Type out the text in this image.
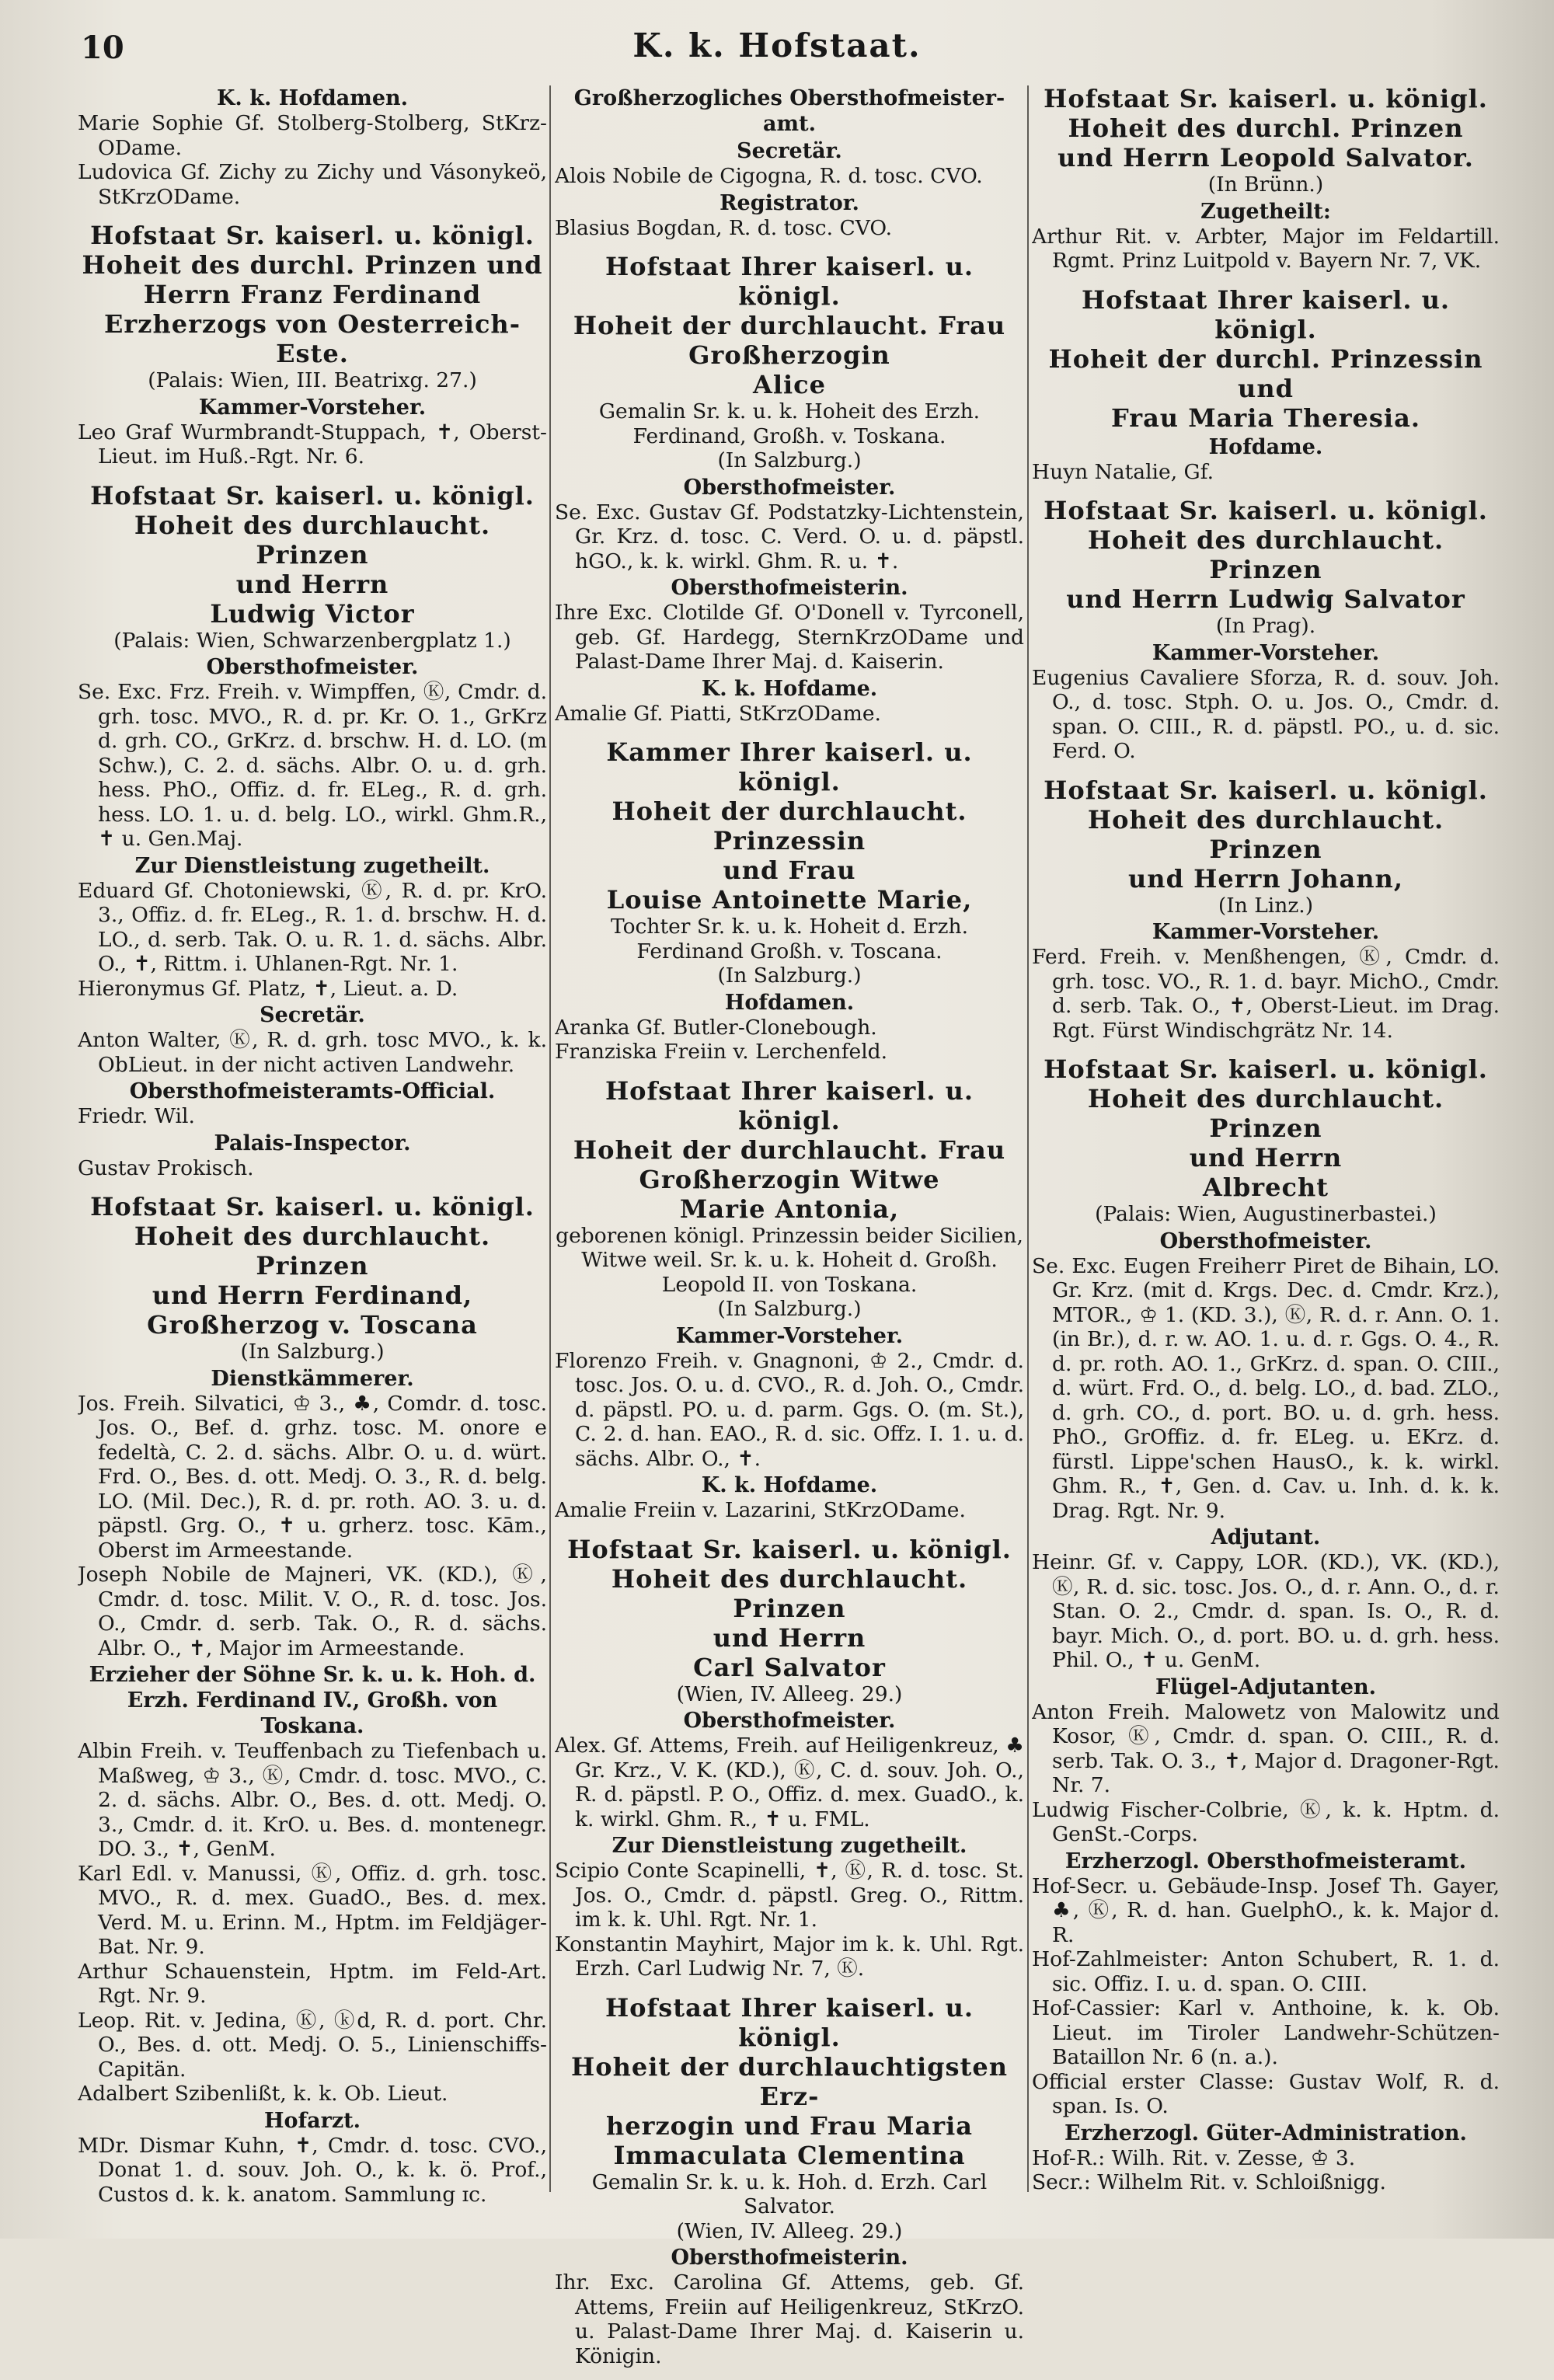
10	K. k. Hofstaat.
K. k. Hofdamen.
Marie Sophie Gf. Stolberg-Stolberg, StKrz-ODame.
Ludovica Gf. Zichy zu Zichy und Vásonykeö, StKrzODame.
Hofstaat Sr. kaiserl. u. königl.
Hoheit des durchl. Prinzen und
Herrn Franz Ferdinand
Erzherzogs von Oesterreich-Este.
(Palais: Wien, III. Beatrixg. 27.)
Kammer-Vorsteher.
Leo Graf Wurmbrandt-Stuppach, ✝, Oberst-Lieut. im Huß.-Rgt. Nr. 6.
Hofstaat Sr. kaiserl. u. königl.
Hoheit des durchlaucht. Prinzen
und Herrn
Ludwig Victor
(Palais: Wien, Schwarzenbergplatz 1.)
Obersthofmeister.
Se. Exc. Frz. Freih. v. Wimpffen, Ⓚ, Cmdr. d. grh. tosc. MVO., R. d. pr. Kr. O. 1., GrKrz d. grh. CO., GrKrz. d. brschw. H. d. LO. (m Schw.), C. 2. d. sächs. Albr. O. u. d. grh. hess. PhO., Offiz. d. fr. ELeg., R. d. grh. hess. LO. 1. u. d. belg. LO., wirkl. Ghm.R., ✝ u. Gen.Maj.
Zur Dienstleistung zugetheilt.
Eduard Gf. Chotoniewski, Ⓚ, R. d. pr. KrO. 3., Offiz. d. fr. ELeg., R. 1. d. brschw. H. d. LO., d. serb. Tak. O. u. R. 1. d. sächs. Albr. O., ✝, Rittm. i. Uhlanen-Rgt. Nr. 1.
Hieronymus Gf. Platz, ✝, Lieut. a. D.
Secretär.
Anton Walter, Ⓚ, R. d. grh. tosc MVO., k. k. ObLieut. in der nicht activen Landwehr.
Obersthofmeisteramts-Official.
Friedr. Wil.
Palais-Inspector.
Gustav Prokisch.
Hofstaat Sr. kaiserl. u. königl.
Hoheit des durchlaucht. Prinzen
und Herrn Ferdinand,
Großherzog v. Toscana
(In Salzburg.)
Dienstkämmerer.
Jos. Freih. Silvatici, ♔ 3., ♣, Comdr. d. tosc. Jos. O., Bef. d. grhz. tosc. M. onore e fedeltà, C. 2. d. sächs. Albr. O. u. d. würt. Frd. O., Bes. d. ott. Medj. O. 3., R. d. belg. LO. (Mil. Dec.), R. d. pr. roth. AO. 3. u. d. päpstl. Grg. O., ✝ u. grherz. tosc. Kām., Oberst im Armeestande.
Joseph Nobile de Majneri, VK. (KD.), Ⓚ, Cmdr. d. tosc. Milit. V. O., R. d. tosc. Jos. O., Cmdr. d. serb. Tak. O., R. d. sächs. Albr. O., ✝, Major im Armeestande.
Erzieher der Söhne Sr. k. u. k. Hoh. d. Erzh. Ferdinand IV., Großh. von Toskana.
Albin Freih. v. Teuffenbach zu Tiefenbach u. Maßweg, ♔ 3., Ⓚ, Cmdr. d. tosc. MVO., C. 2. d. sächs. Albr. O., Bes. d. ott. Medj. O. 3., Cmdr. d. it. KrO. u. Bes. d. montenegr. DO. 3., ✝, GenM.
Karl Edl. v. Manussi, Ⓚ, Offiz. d. grh. tosc. MVO., R. d. mex. GuadO., Bes. d. mex. Verd. M. u. Erinn. M., Hptm. im Feldjäger-Bat. Nr. 9.
Arthur Schauenstein, Hptm. im Feld-Art. Rgt. Nr. 9.
Leop. Rit. v. Jedina, Ⓚ, ⓚd, R. d. port. Chr. O., Bes. d. ott. Medj. O. 5., Linienschiffs-Capitän.
Adalbert Szibenlißt, k. k. Ob. Lieut.
Hofarzt.
MDr. Dismar Kuhn, ✝, Cmdr. d. tosc. CVO., Donat 1. d. souv. Joh. O., k. k. ö. Prof., Custos d. k. k. anatom. Sammlung ɪc.
Großherzogliches Obersthofmeister-amt.
Secretär.
Alois Nobile de Cigogna, R. d. tosc. CVO.
Registrator.
Blasius Bogdan, R. d. tosc. CVO.
Hofstaat Ihrer kaiserl. u. königl.
Hoheit der durchlaucht. Frau
Großherzogin
Alice
Gemalin Sr. k. u. k. Hoheit des Erzh. Ferdinand, Großh. v. Toskana.
(In Salzburg.)
Obersthofmeister.
Se. Exc. Gustav Gf. Podstatzky-Lichtenstein, Gr. Krz. d. tosc. C. Verd. O. u. d. päpstl. hGO., k. k. wirkl. Ghm. R. u. ✝.
Obersthofmeisterin.
Ihre Exc. Clotilde Gf. O'Donell v. Tyrconell, geb. Gf. Hardegg, SternKrzODame und Palast-Dame Ihrer Maj. d. Kaiserin.
K. k. Hofdame.
Amalie Gf. Piatti, StKrzODame.
Kammer Ihrer kaiserl. u. königl.
Hoheit der durchlaucht. Prinzessin
und Frau
Louise Antoinette Marie,
Tochter Sr. k. u. k. Hoheit d. Erzh. Ferdinand Großh. v. Toscana.
(In Salzburg.)
Hofdamen.
Aranka Gf. Butler-Clonebough.
Franziska Freiin v. Lerchenfeld.
Hofstaat Ihrer kaiserl. u. königl.
Hoheit der durchlaucht. Frau
Großherzogin Witwe
Marie Antonia,
geborenen königl. Prinzessin beider Sicilien, Witwe weil. Sr. k. u. k. Hoheit d. Großh. Leopold II. von Toskana.
(In Salzburg.)
Kammer-Vorsteher.
Florenzo Freih. v. Gnagnoni, ♔ 2., Cmdr. d. tosc. Jos. O. u. d. CVO., R. d. Joh. O., Cmdr. d. päpstl. PO. u. d. parm. Ggs. O. (m. St.), C. 2. d. han. EAO., R. d. sic. Offz. I. 1. u. d. sächs. Albr. O., ✝.
K. k. Hofdame.
Amalie Freiin v. Lazarini, StKrzODame.
Hofstaat Sr. kaiserl. u. königl.
Hoheit des durchlaucht. Prinzen
und Herrn
Carl Salvator
(Wien, IV. Alleeg. 29.)
Obersthofmeister.
Alex. Gf. Attems, Freih. auf Heiligenkreuz, ♣ Gr. Krz., V. K. (KD.), Ⓚ, C. d. souv. Joh. O., R. d. päpstl. P. O., Offiz. d. mex. GuadO., k. k. wirkl. Ghm. R., ✝ u. FML.
Zur Dienstleistung zugetheilt.
Scipio Conte Scapinelli, ✝, Ⓚ, R. d. tosc. St. Jos. O., Cmdr. d. päpstl. Greg. O., Rittm. im k. k. Uhl. Rgt. Nr. 1.
Konstantin Mayhirt, Major im k. k. Uhl. Rgt. Erzh. Carl Ludwig Nr. 7, Ⓚ.
Hofstaat Ihrer kaiserl. u. königl.
Hoheit der durchlauchtigsten Erz-
herzogin und Frau Maria
Immaculata Clementina
Gemalin Sr. k. u. k. Hoh. d. Erzh. Carl Salvator.
(Wien, IV. Alleeg. 29.)
Obersthofmeisterin.
Ihr. Exc. Carolina Gf. Attems, geb. Gf. Attems, Freiin auf Heiligenkreuz, StKrzO. u. Palast-Dame Ihrer Maj. d. Kaiserin u. Königin.
Hofstaat Sr. kaiserl. u. königl.
Hoheit des durchl. Prinzen
und Herrn Leopold Salvator.
(In Brünn.)
Zugetheilt:
Arthur Rit. v. Arbter, Major im Feldartill. Rgmt. Prinz Luitpold v. Bayern Nr. 7, VK.
Hofstaat Ihrer kaiserl. u. königl.
Hoheit der durchl. Prinzessin und
Frau Maria Theresia.
Hofdame.
Huyn Natalie, Gf.
Hofstaat Sr. kaiserl. u. königl.
Hoheit des durchlaucht. Prinzen
und Herrn Ludwig Salvator
(In Prag).
Kammer-Vorsteher.
Eugenius Cavaliere Sforza, R. d. souv. Joh. O., d. tosc. Stph. O. u. Jos. O., Cmdr. d. span. O. CIII., R. d. päpstl. PO., u. d. sic. Ferd. O.
Hofstaat Sr. kaiserl. u. königl.
Hoheit des durchlaucht. Prinzen
und Herrn Johann,
(In Linz.)
Kammer-Vorsteher.
Ferd. Freih. v. Menßhengen, Ⓚ, Cmdr. d. grh. tosc. VO., R. 1. d. bayr. MichO., Cmdr. d. serb. Tak. O., ✝, Oberst-Lieut. im Drag. Rgt. Fürst Windischgrätz Nr. 14.
Hofstaat Sr. kaiserl. u. königl.
Hoheit des durchlaucht. Prinzen
und Herrn
Albrecht
(Palais: Wien, Augustinerbastei.)
Obersthofmeister.
Se. Exc. Eugen Freiherr Piret de Bihain, LO. Gr. Krz. (mit d. Krgs. Dec. d. Cmdr. Krz.), MTOR., ♔ 1. (KD. 3.), Ⓚ, R. d. r. Ann. O. 1. (in Br.), d. r. w. AO. 1. u. d. r. Ggs. O. 4., R. d. pr. roth. AO. 1., GrKrz. d. span. O. CIII., d. würt. Frd. O., d. belg. LO., d. bad. ZLO., d. grh. CO., d. port. BO. u. d. grh. hess. PhO., GrOffiz. d. fr. ELeg. u. EKrz. d. fürstl. Lippe'schen HausO., k. k. wirkl. Ghm. R., ✝, Gen. d. Cav. u. Inh. d. k. k. Drag. Rgt. Nr. 9.
Adjutant.
Heinr. Gf. v. Cappy, LOR. (KD.), VK. (KD.), Ⓚ, R. d. sic. tosc. Jos. O., d. r. Ann. O., d. r. Stan. O. 2., Cmdr. d. span. Is. O., R. d. bayr. Mich. O., d. port. BO. u. d. grh. hess. Phil. O., ✝ u. GenM.
Flügel-Adjutanten.
Anton Freih. Malowetz von Malowitz und Kosor, Ⓚ, Cmdr. d. span. O. CIII., R. d. serb. Tak. O. 3., ✝, Major d. Dragoner-Rgt. Nr. 7.
Ludwig Fischer-Colbrie, Ⓚ, k. k. Hptm. d. GenSt.-Corps.
Erzherzogl. Obersthofmeisteramt.
Hof-Secr. u. Gebäude-Insp. Josef Th. Gayer, ♣, Ⓚ, R. d. han. GuelphO., k. k. Major d. R.
Hof-Zahlmeister: Anton Schubert, R. 1. d. sic. Offiz. I. u. d. span. O. CIII.
Hof-Cassier: Karl v. Anthoine, k. k. Ob. Lieut. im Tiroler Landwehr-Schützen-Bataillon Nr. 6 (n. a.).
Official erster Classe: Gustav Wolf, R. d. span. Is. O.
Erzherzogl. Güter-Administration.
Hof-R.: Wilh. Rit. v. Zesse, ♔ 3.
Secr.: Wilhelm Rit. v. Schloißnigg.
